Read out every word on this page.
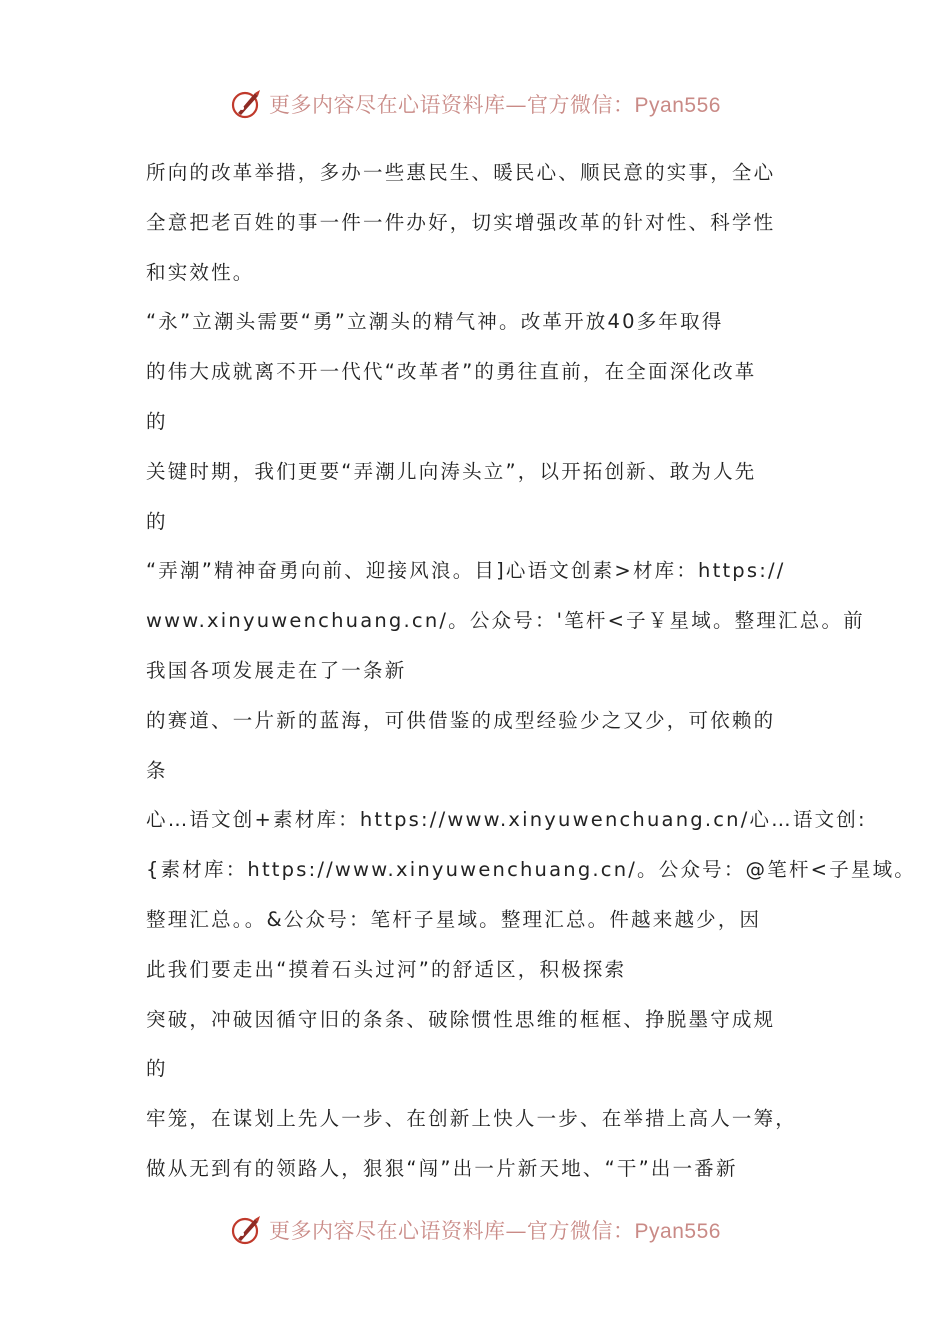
更多内容尽在心语资料库—官方微信：Pyan556
所向的改革举措，多办一些惠民生、暖民心、顺民意的实事，全心
全意把老百姓的事一件一件办好，切实增强改革的针对性、科学性
和实效性。
“永”立潮头需要“勇”立潮头的精气神。改革开放40多年取得
的伟大成就离不开一代代“改革者”的勇往直前，在全面深化改革
的
关键时期，我们更要“弄潮儿向涛头立”，以开拓创新、敢为人先
的
“弄潮”精神奋勇向前、迎接风浪。目]心语文创素>材库：https://
www.xinyuwenchuang.cn/。公众号：'笔杆<子￥星域。整理汇总。前
我国各项发展走在了一条新
的赛道、一片新的蓝海，可供借鉴的成型经验少之又少，可依赖的
条
心…语文创+素材库：https://www.xinyuwenchuang.cn/心…语文创:
{素材库：https://www.xinyuwenchuang.cn/。公众号：@笔杆<子星域。
整理汇总。。&公众号：笔杆子星域。整理汇总。件越来越少，因
此我们要走出“摸着石头过河”的舒适区，积极探索
突破，冲破因循守旧的条条、破除惯性思维的框框、挣脱墨守成规
的
牢笼，在谋划上先人一步、在创新上快人一步、在举措上高人一筹，
做从无到有的领路人，狠狠“闯”出一片新天地、“干”出一番新
更多内容尽在心语资料库—官方微信：Pyan556
